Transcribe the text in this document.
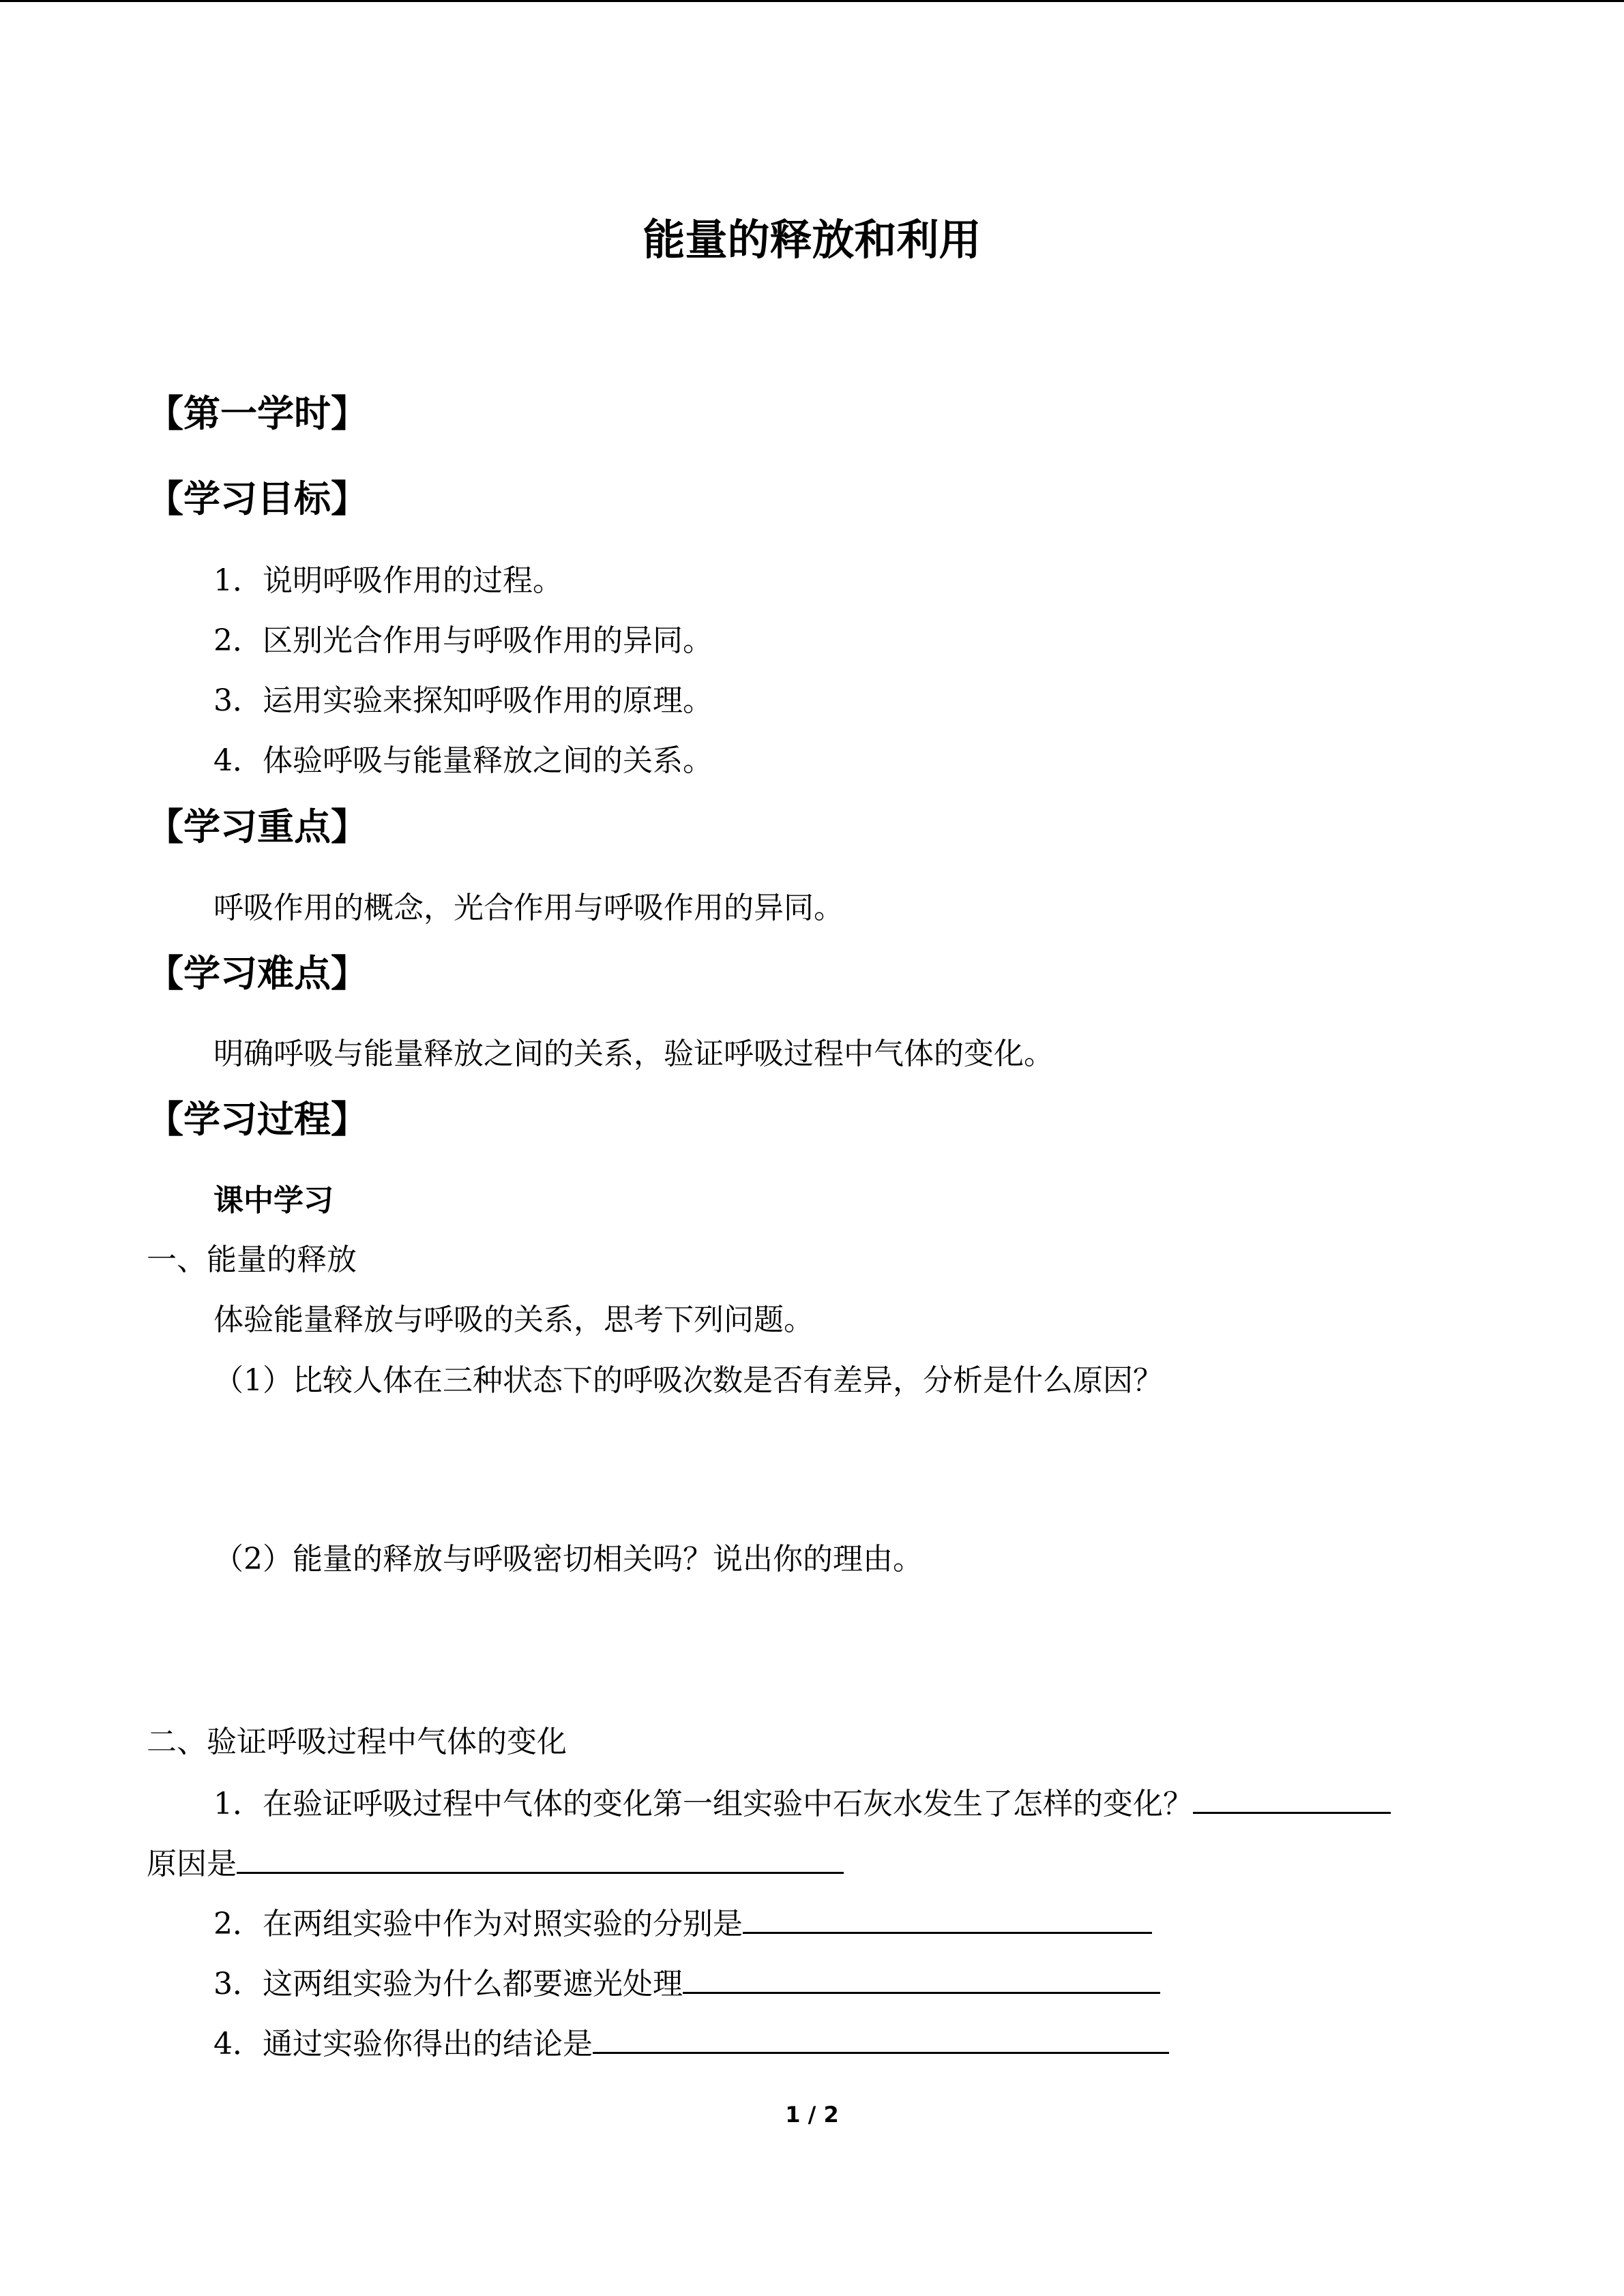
能量的释放和利用
【第一学时】
【学习目标】
1．说明呼吸作用的过程。
2．区别光合作用与呼吸作用的异同。
3．运用实验来探知呼吸作用的原理。
4．体验呼吸与能量释放之间的关系。
【学习重点】
呼吸作用的概念，光合作用与呼吸作用的异同。
【学习难点】
明确呼吸与能量释放之间的关系，验证呼吸过程中气体的变化。
【学习过程】
课中学习
一、能量的释放
体验能量释放与呼吸的关系，思考下列问题。
（1）比较人体在三种状态下的呼吸次数是否有差异，分析是什么原因？
（2）能量的释放与呼吸密切相关吗？说出你的理由。
二、验证呼吸过程中气体的变化
1．在验证呼吸过程中气体的变化第一组实验中石灰水发生了怎样的变化？
原因是
2．在两组实验中作为对照实验的分别是
3．这两组实验为什么都要遮光处理
4．通过实验你得出的结论是
1 / 2
